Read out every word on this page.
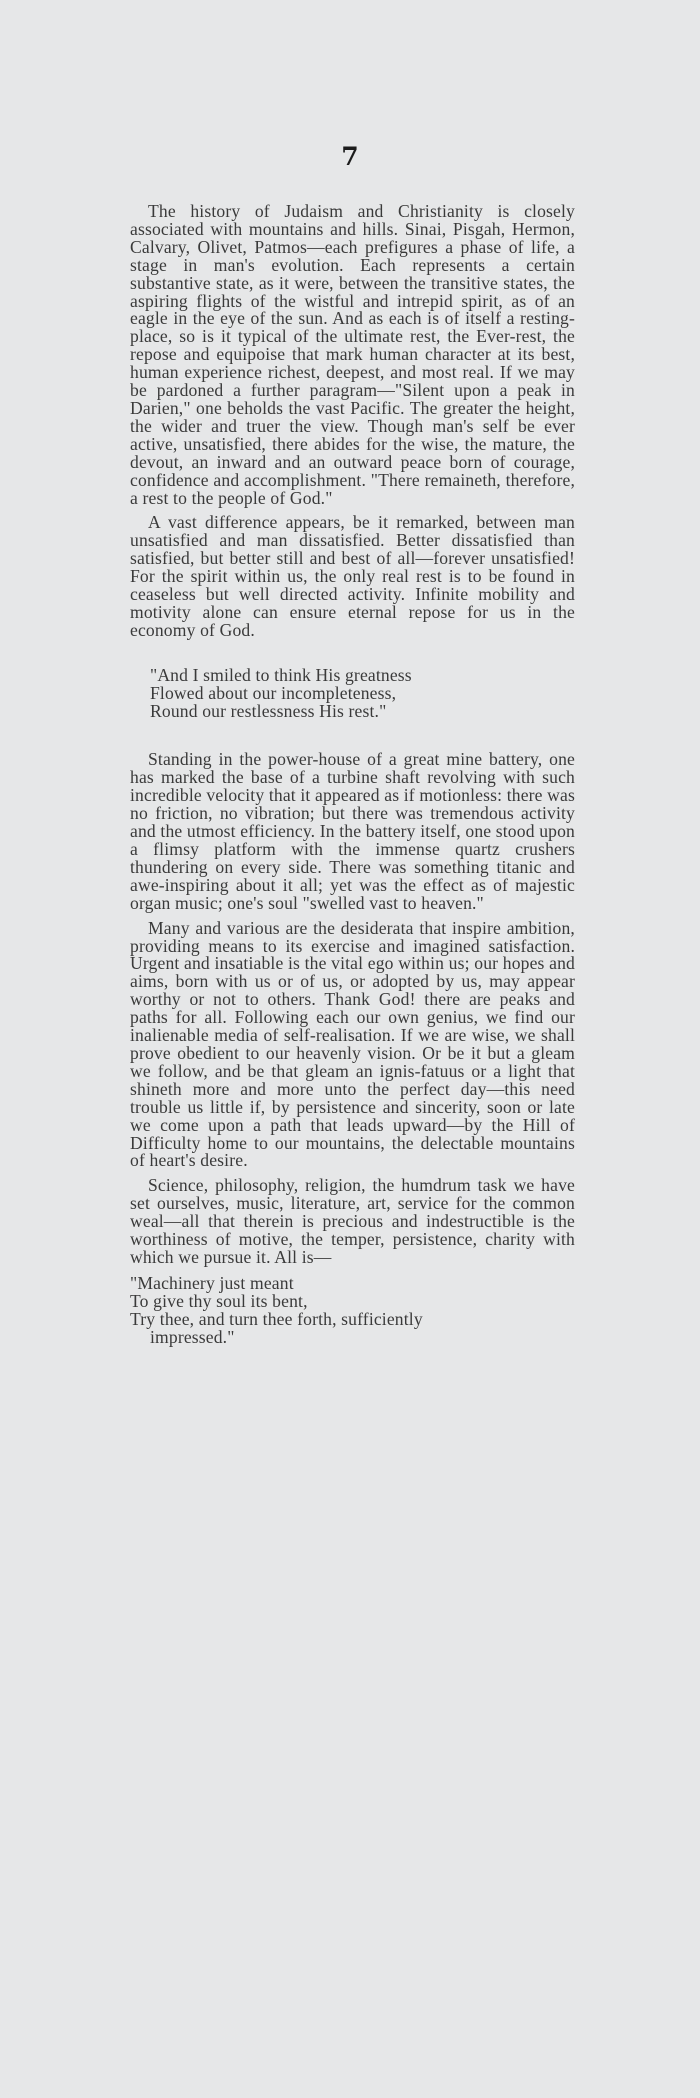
7

The history of Judaism and Christianity is closely associated with mountains and hills. Sinai, Pisgah, Hermon, Calvary, Olivet, Patmos—each prefigures a phase of life, a stage in man's evolution. Each represents a certain substantive state, as it were, between the transitive states, the aspiring flights of the wistful and intrepid spirit, as of an eagle in the eye of the sun. And as each is of itself a resting-place, so is it typical of the ultimate rest, the Ever-rest, the repose and equipoise that mark human character at its best, human experience richest, deepest, and most real. If we may be pardoned a further paragram—"Silent upon a peak in Darien," one beholds the vast Pacific. The greater the height, the wider and truer the view. Though man's self be ever active, unsatisfied, there abides for the wise, the mature, the devout, an inward and an outward peace born of courage, confidence and accomplishment. "There remaineth, therefore, a rest to the people of God."

A vast difference appears, be it remarked, between man unsatisfied and man dissatisfied. Better dissatisfied than satisfied, but better still and best of all—forever unsatisfied! For the spirit within us, the only real rest is to be found in ceaseless but well directed activity. Infinite mobility and motivity alone can ensure eternal repose for us in the economy of God.

"And I smiled to think His greatness
Flowed about our incompleteness,
Round our restlessness His rest."

Standing in the power-house of a great mine battery, one has marked the base of a turbine shaft revolving with such incredible velocity that it appeared as if motionless: there was no friction, no vibration; but there was tremendous activity and the utmost efficiency. In the battery itself, one stood upon a flimsy platform with the immense quartz crushers thundering on every side. There was something titanic and awe-inspiring about it all; yet was the effect as of majestic organ music; one's soul "swelled vast to heaven."

Many and various are the desiderata that inspire ambition, providing means to its exercise and imagined satisfaction. Urgent and insatiable is the vital ego within us; our hopes and aims, born with us or of us, or adopted by us, may appear worthy or not to others. Thank God! there are peaks and paths for all. Following each our own genius, we find our inalienable media of self-realisation. If we are wise, we shall prove obedient to our heavenly vision. Or be it but a gleam we follow, and be that gleam an ignis-fatuus or a light that shineth more and more unto the perfect day—this need trouble us little if, by persistence and sincerity, soon or late we come upon a path that leads upward—by the Hill of Difficulty home to our mountains, the delectable mountains of heart's desire.

Science, philosophy, religion, the humdrum task we have set ourselves, music, literature, art, service for the common weal—all that therein is precious and indestructible is the worthiness of motive, the temper, persistence, charity with which we pursue it. All is—

"Machinery just meant
To give thy soul its bent,
Try thee, and turn thee forth, sufficiently
impressed."
